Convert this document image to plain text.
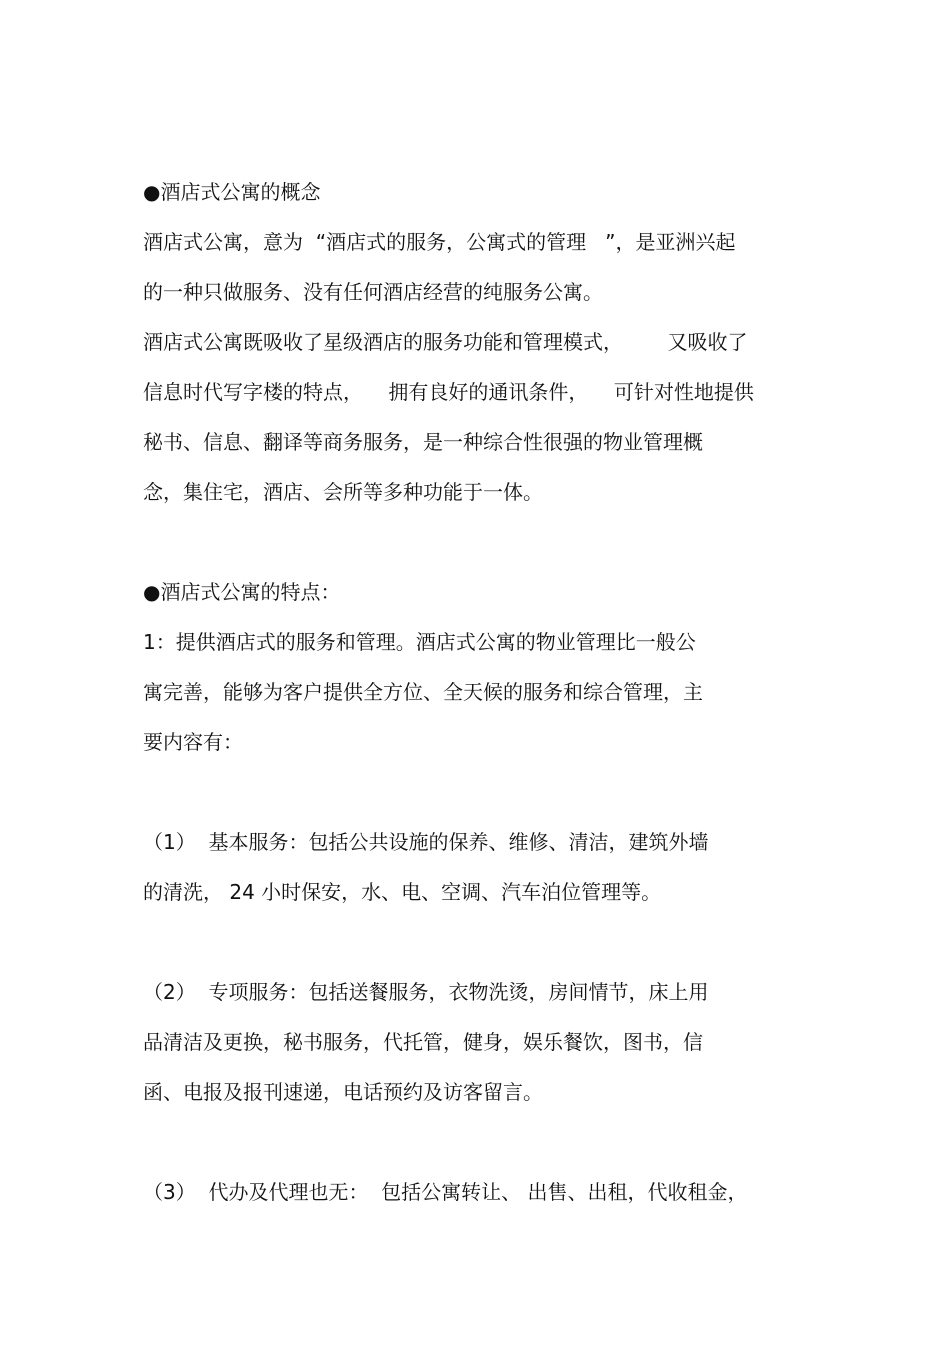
●酒店式公寓的概念
酒店式公寓，意为  “酒店式的服务，公寓式的管理   ”，是亚洲兴起
的一种只做服务、没有任何酒店经营的纯服务公寓。
酒店式公寓既吸收了星级酒店的服务功能和管理模式，       又吸收了
信息时代写字楼的特点，    拥有良好的通讯条件，    可针对性地提供
秘书、信息、翻译等商务服务，是一种综合性很强的物业管理概
念，集住宅，酒店、会所等多种功能于一体。
●酒店式公寓的特点：
1：提供酒店式的服务和管理。酒店式公寓的物业管理比一般公
寓完善，能够为客户提供全方位、全天候的服务和综合管理，主
要内容有：
（1）  基本服务：包括公共设施的保养、维修、清洁，建筑外墙
的清洗， 24 小时保安，水、电、空调、汽车泊位管理等。
（2）  专项服务：包括送餐服务，衣物洗烫，房间情节，床上用
品清洁及更换，秘书服务，代托管，健身，娱乐餐饮，图书，信
函、电报及报刊速递，电话预约及访客留言。
（3）  代办及代理也无：  包括公寓转让、 出售、出租，代收租金，
